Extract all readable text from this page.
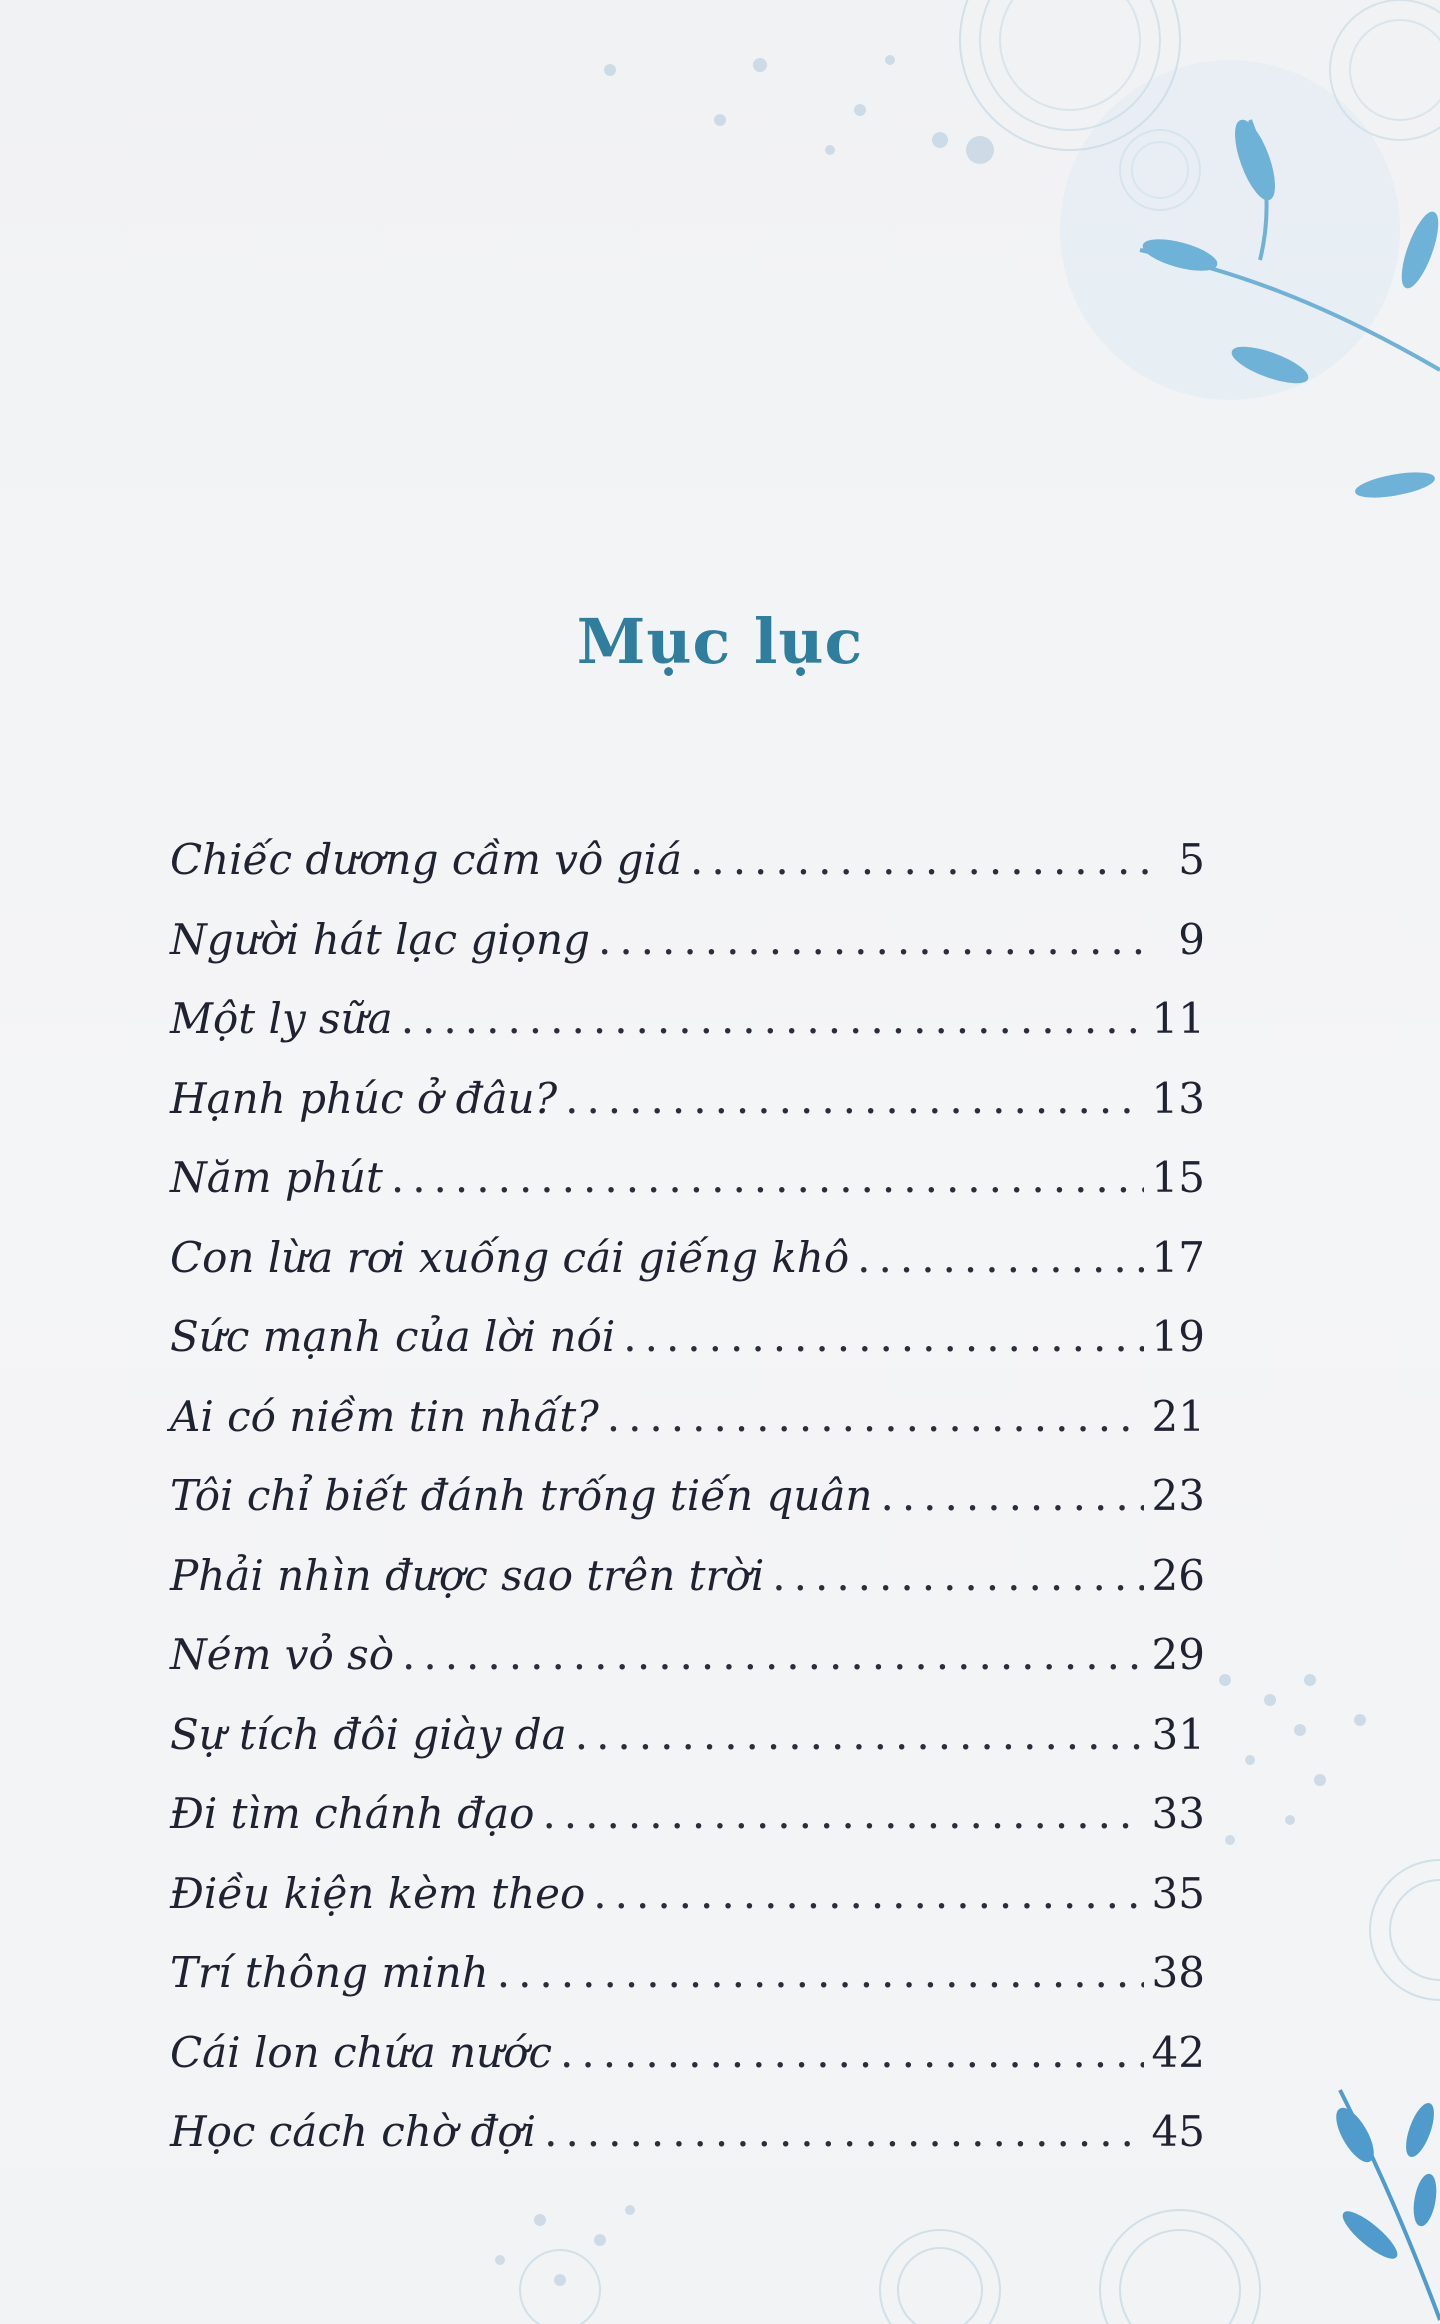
Mục lục
Chiếc dương cầm vô giá .....	5
Người hát lạc giọng .....	9
Một ly sữa .....	11
Hạnh phúc ở đâu? .....	13
Năm phút .....	15
Con lừa rơi xuống cái giếng khô .....	17
Sức mạnh của lời nói .....	19
Ai có niềm tin nhất? .....	21
Tôi chỉ biết đánh trống tiến quân .....	23
Phải nhìn được sao trên trời .....	26
Ném vỏ sò .....	29
Sự tích đôi giày da .....	31
Đi tìm chánh đạo .....	33
Điều kiện kèm theo .....	35
Trí thông minh .....	38
Cái lon chứa nước .....	42
Học cách chờ đợi .....	45
